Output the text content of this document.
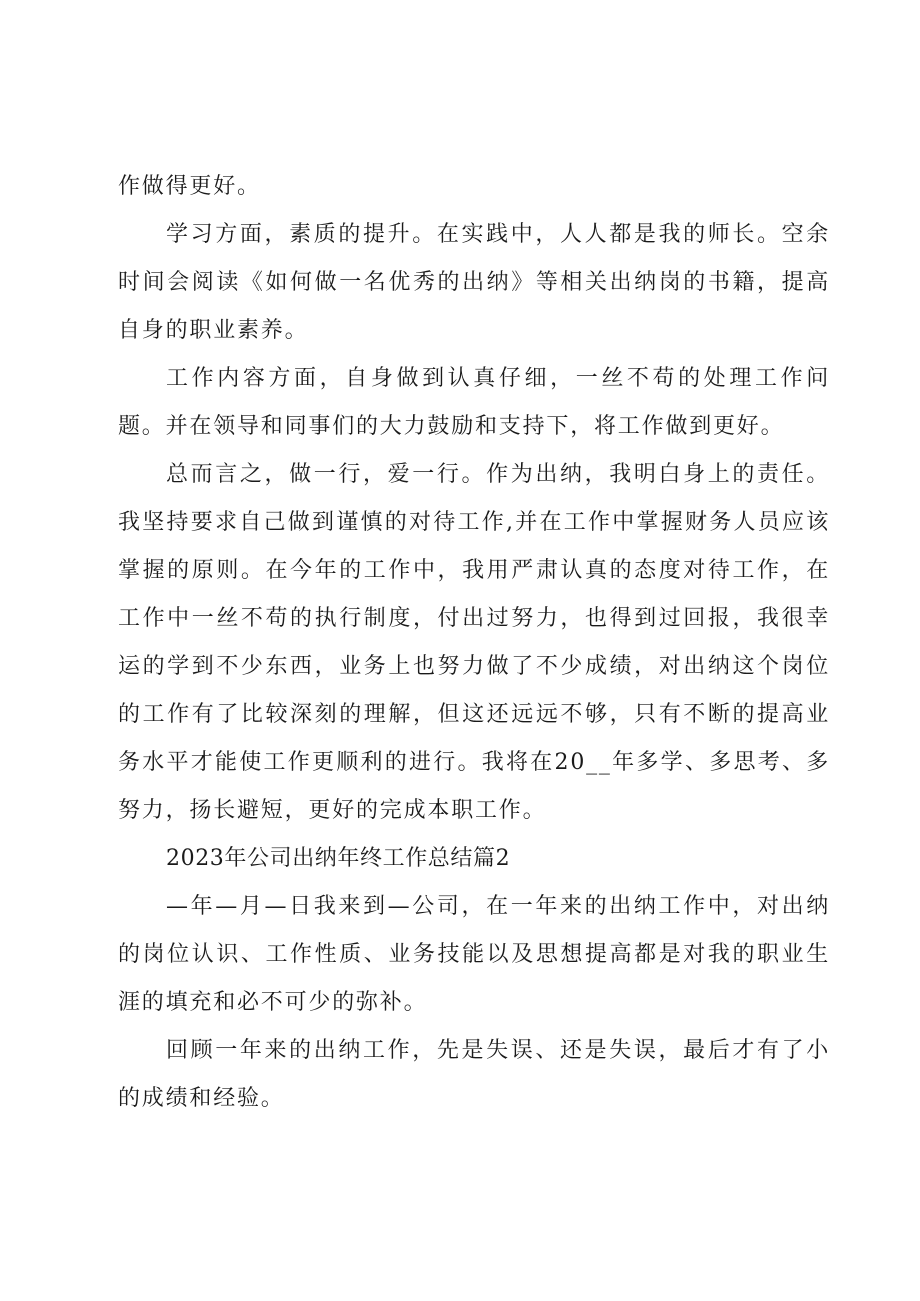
作做得更好。

学习方面，素质的提升。在实践中，人人都是我的师长。空余时间会阅读《如何做一名优秀的出纳》等相关出纳岗的书籍，提高自身的职业素养。

工作内容方面，自身做到认真仔细，一丝不苟的处理工作问题。并在领导和同事们的大力鼓励和支持下，将工作做到更好。

总而言之，做一行，爱一行。作为出纳，我明白身上的责任。我坚持要求自己做到谨慎的对待工作,并在工作中掌握财务人员应该掌握的原则。在今年的工作中，我用严肃认真的态度对待工作，在工作中一丝不苟的执行制度，付出过努力，也得到过回报，我很幸运的学到不少东西，业务上也努力做了不少成绩，对出纳这个岗位的工作有了比较深刻的理解，但这还远远不够，只有不断的提高业务水平才能使工作更顺利的进行。我将在20__年多学、多思考、多努力，扬长避短，更好的完成本职工作。

2023年公司出纳年终工作总结篇2

—年—月—日我来到—公司，在一年来的出纳工作中，对出纳的岗位认识、工作性质、业务技能以及思想提高都是对我的职业生涯的填充和必不可少的弥补。

回顾一年来的出纳工作，先是失误、还是失误，最后才有了小的成绩和经验。
